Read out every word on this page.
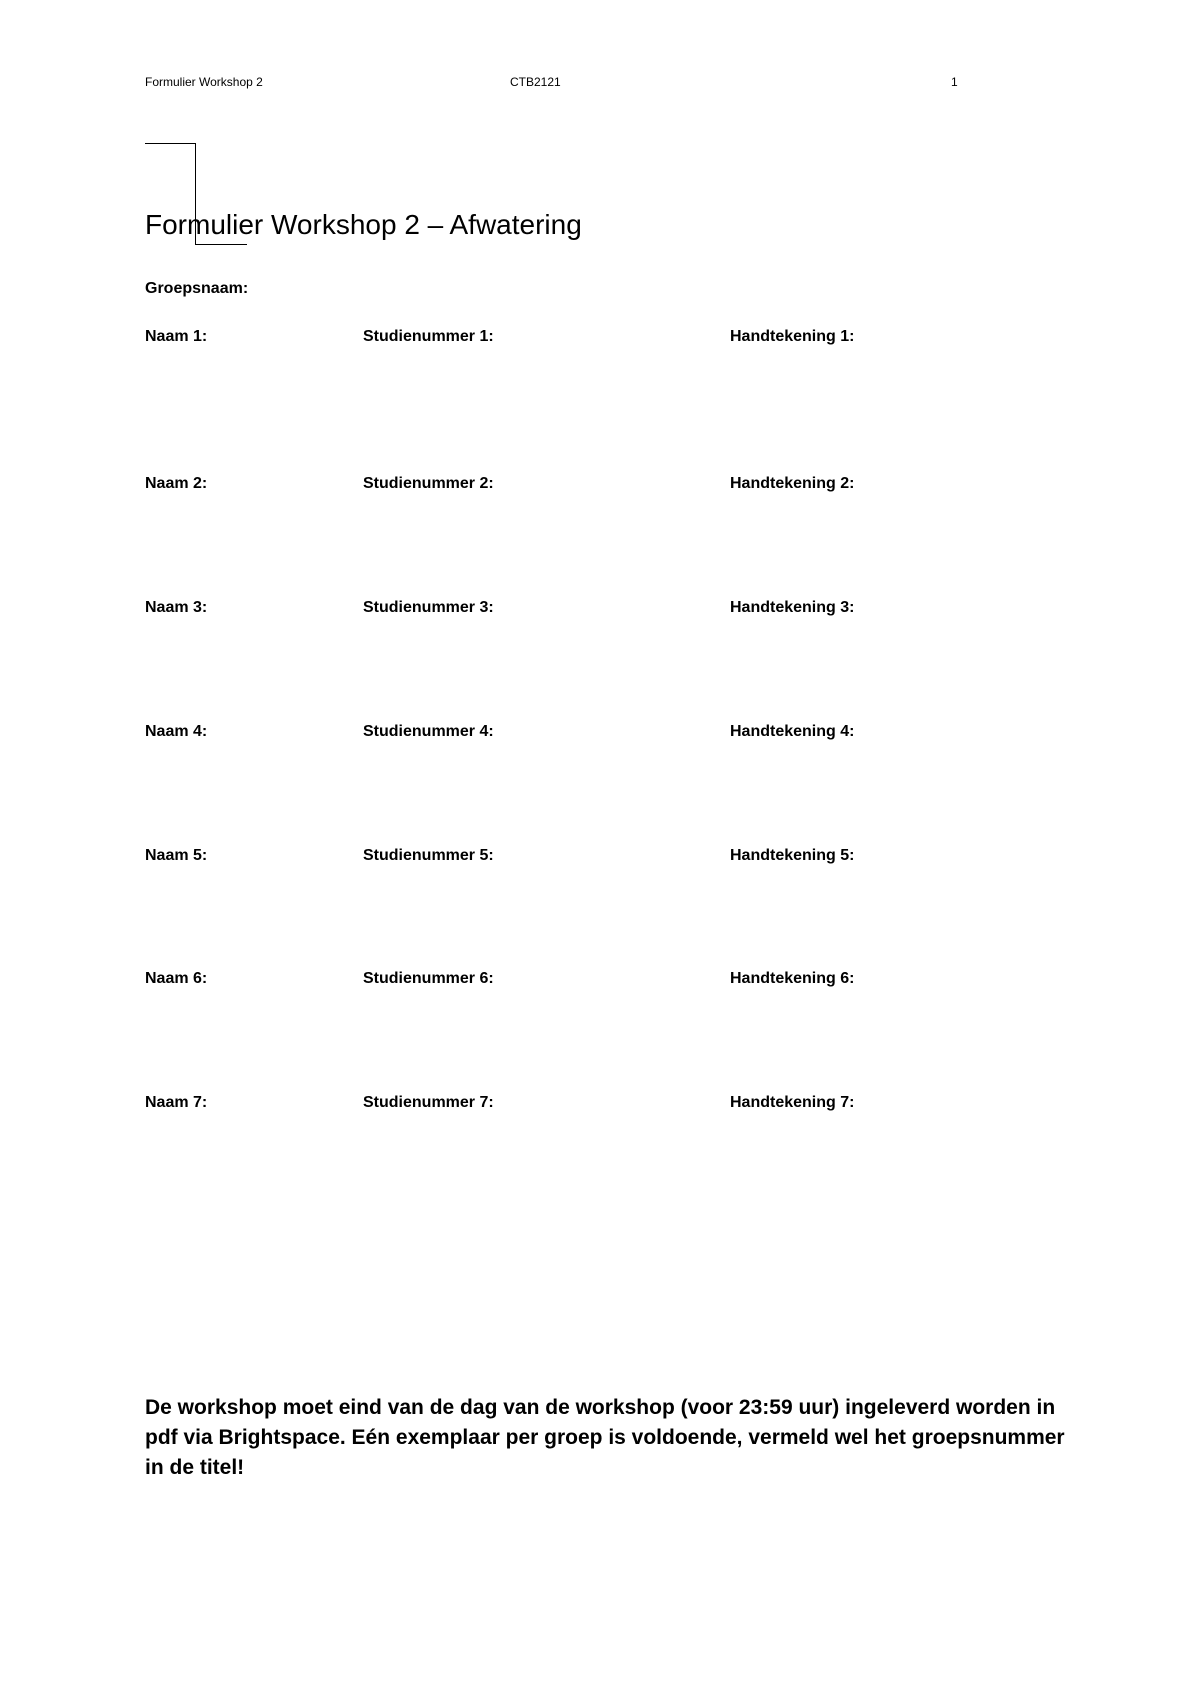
Formulier Workshop 2	CTB2121	1
Formulier Workshop 2 – Afwatering
Groepsnaam:
Naam 1:	Studienummer 1:	Handtekening 1:
Naam 2:	Studienummer 2:	Handtekening 2:
Naam 3:	Studienummer 3:	Handtekening 3:
Naam 4:	Studienummer 4:	Handtekening 4:
Naam 5:	Studienummer 5:	Handtekening 5:
Naam 6:	Studienummer 6:	Handtekening 6:
Naam 7:	Studienummer 7:	Handtekening 7:

De workshop moet eind van de dag van de workshop (voor 23:59 uur) ingeleverd worden in pdf via Brightspace. Eén exemplaar per groep is voldoende, vermeld wel het groepsnummer in de titel!
